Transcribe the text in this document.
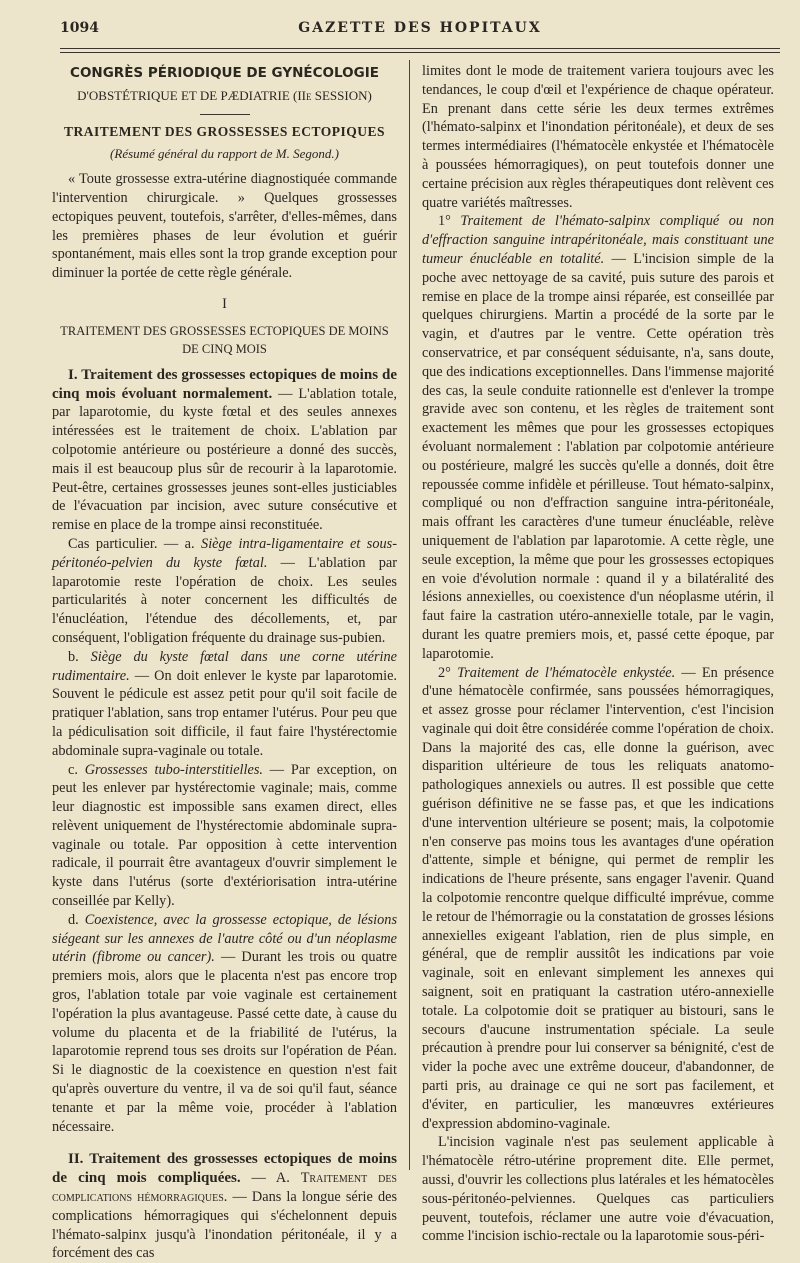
1094	GAZETTE DES HOPITAUX
CONGRÈS PÉRIODIQUE DE GYNÉCOLOGIE
D'OBSTÉTRIQUE ET DE PÆDIATRIE (IIe SESSION)
TRAITEMENT DES GROSSESSES ECTOPIQUES
(Résumé général du rapport de M. Segond.)

« Toute grossesse extra-utérine diagnostiquée commande l'intervention chirurgicale. » Quelques grossesses ectopiques peuvent, toutefois, s'arrêter, d'elles-mêmes, dans les premières phases de leur évolution et guérir spontanément, mais elles sont la trop grande exception pour diminuer la portée de cette règle générale.

I
TRAITEMENT DES GROSSESSES ECTOPIQUES DE MOINS DE CINQ MOIS

I. Traitement des grossesses ectopiques de moins de cinq mois évoluant normalement. — L'ablation totale, par laparotomie, du kyste fœtal et des seules annexes intéressées est le traitement de choix. L'ablation par colpotomie antérieure ou postérieure a donné des succès, mais il est beaucoup plus sûr de recourir à la laparotomie. Peut-être, certaines grossesses jeunes sont-elles justiciables de l'évacuation par incision, avec suture consécutive et remise en place de la trompe ainsi reconstituée.

Cas particulier. — a. Siège intra-ligamentaire et sous-péritonéo-pelvien du kyste fœtal. — L'ablation par laparotomie reste l'opération de choix. Les seules particularités à noter concernent les difficultés de l'énucléation, l'étendue des décollements, et, par conséquent, l'obligation fréquente du drainage sus-pubien.

b. Siège du kyste fœtal dans une corne utérine rudimentaire. — On doit enlever le kyste par laparotomie. Souvent le pédicule est assez petit pour qu'il soit facile de pratiquer l'ablation, sans trop entamer l'utérus. Pour peu que la pédiculisation soit difficile, il faut faire l'hystérectomie abdominale supra-vaginale ou totale.

c. Grossesses tubo-interstitielles. — Par exception, on peut les enlever par hystérectomie vaginale; mais, comme leur diagnostic est impossible sans examen direct, elles relèvent uniquement de l'hystérectomie abdominale supra-vaginale ou totale. Par opposition à cette intervention radicale, il pourrait être avantageux d'ouvrir simplement le kyste dans l'utérus (sorte d'extériorisation intra-utérine conseillée par Kelly).

d. Coexistence, avec la grossesse ectopique, de lésions siégeant sur les annexes de l'autre côté ou d'un néoplasme utérin (fibrome ou cancer). — Durant les trois ou quatre premiers mois, alors que le placenta n'est pas encore trop gros, l'ablation totale par voie vaginale est certainement l'opération la plus avantageuse. Passé cette date, à cause du volume du placenta et de la friabilité de l'utérus, la laparotomie reprend tous ses droits sur l'opération de Péan. Si le diagnostic de la coexistence en question n'est fait qu'après ouverture du ventre, il va de soi qu'il faut, séance tenante et par la même voie, procéder à l'ablation nécessaire.

II. Traitement des grossesses ectopiques de moins de cinq mois compliquées. — A. Traitement des complications hémorragiques. — Dans la longue série des complications hémorragiques qui s'échelonnent depuis l'hémato-salpinx jusqu'à l'inondation péritonéale, il y a forcément des cas

limites dont le mode de traitement variera toujours avec les tendances, le coup d'œil et l'expérience de chaque opérateur. En prenant dans cette série les deux termes extrêmes (l'hémato-salpinx et l'inondation péritonéale), et deux de ses termes intermédiaires (l'hématocèle enkystée et l'hématocèle à poussées hémorragiques), on peut toutefois donner une certaine précision aux règles thérapeutiques dont relèvent ces quatre variétés maîtresses.

1° Traitement de l'hémato-salpinx compliqué ou non d'effraction sanguine intrapéritonéale, mais constituant une tumeur énucléable en totalité. — L'incision simple de la poche avec nettoyage de sa cavité, puis suture des parois et remise en place de la trompe ainsi réparée, est conseillée par quelques chirurgiens. Martin a procédé de la sorte par le vagin, et d'autres par le ventre. Cette opération très conservatrice, et par conséquent séduisante, n'a, sans doute, que des indications exceptionnelles. Dans l'immense majorité des cas, la seule conduite rationnelle est d'enlever la trompe gravide avec son contenu, et les règles de traitement sont exactement les mêmes que pour les grossesses ectopiques évoluant normalement : l'ablation par colpotomie antérieure ou postérieure, malgré les succès qu'elle a donnés, doit être repoussée comme infidèle et périlleuse. Tout hémato-salpinx, compliqué ou non d'effraction sanguine intra-péritonéale, mais offrant les caractères d'une tumeur énucléable, relève uniquement de l'ablation par laparotomie. A cette règle, une seule exception, la même que pour les grossesses ectopiques en voie d'évolution normale : quand il y a bilatéralité des lésions annexielles, ou coexistence d'un néoplasme utérin, il faut faire la castration utéro-annexielle totale, par le vagin, durant les quatre premiers mois, et, passé cette époque, par laparotomie.

2° Traitement de l'hématocèle enkystée. — En présence d'une hématocèle confirmée, sans poussées hémorragiques, et assez grosse pour réclamer l'intervention, c'est l'incision vaginale qui doit être considérée comme l'opération de choix. Dans la majorité des cas, elle donne la guérison, avec disparition ultérieure de tous les reliquats anatomo-pathologiques annexiels ou autres. Il est possible que cette guérison définitive ne se fasse pas, et que les indications d'une intervention ultérieure se posent; mais, la colpotomie n'en conserve pas moins tous les avantages d'une opération d'attente, simple et bénigne, qui permet de remplir les indications de l'heure présente, sans engager l'avenir. Quand la colpotomie rencontre quelque difficulté imprévue, comme le retour de l'hémorragie ou la constatation de grosses lésions annexielles exigeant l'ablation, rien de plus simple, en général, que de remplir aussitôt les indications par voie vaginale, soit en enlevant simplement les annexes qui saignent, soit en pratiquant la castration utéro-annexielle totale. La colpotomie doit se pratiquer au bistouri, sans le secours d'aucune instrumentation spéciale. La seule précaution à prendre pour lui conserver sa bénignité, c'est de vider la poche avec une extrême douceur, d'abandonner, de parti pris, au drainage ce qui ne sort pas facilement, et d'éviter, en particulier, les manœuvres extérieures d'expression abdomino-vaginale.

L'incision vaginale n'est pas seulement applicable à l'hématocèle rétro-utérine proprement dite. Elle permet, aussi, d'ouvrir les collections plus latérales et les hématocèles sous-péritonéo-pelviennes. Quelques cas particuliers peuvent, toutefois, réclamer une autre voie d'évacuation, comme l'incision ischio-rectale ou la laparotomie sous-péri-
